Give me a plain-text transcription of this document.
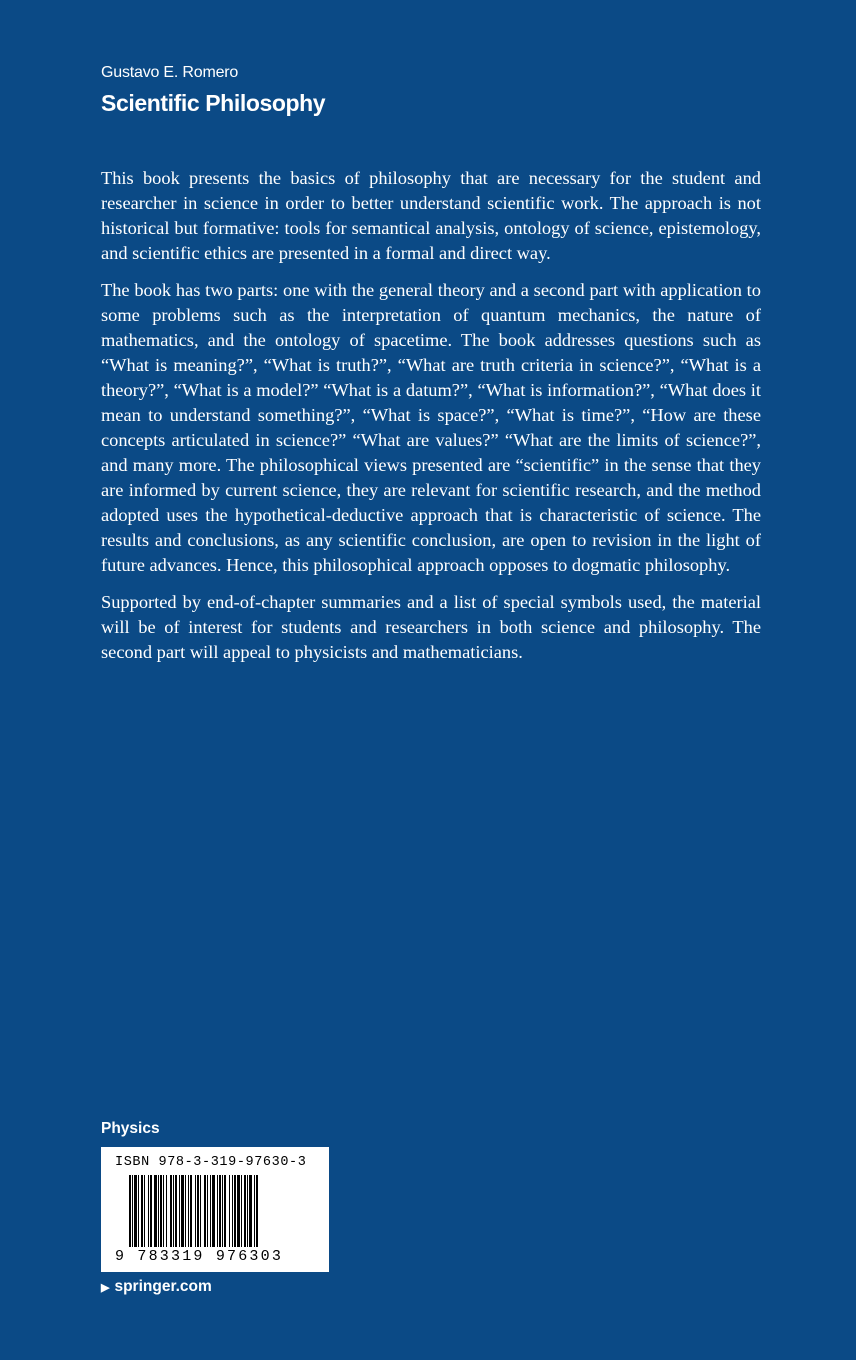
Gustavo E. Romero
Scientific Philosophy

This book presents the basics of philosophy that are necessary for the student and researcher in science in order to better understand scientific work. The approach is not historical but formative: tools for semantical analysis, ontology of science, epistemology, and scientific ethics are presented in a formal and direct way.

The book has two parts: one with the general theory and a second part with application to some problems such as the interpretation of quantum mechanics, the nature of mathematics, and the ontology of spacetime. The book addresses questions such as “What is meaning?”, “What is truth?”, “What are truth criteria in science?”, “What is a theory?”, “What is a model?” “What is a datum?”, “What is information?”, “What does it mean to understand something?”, “What is space?”, “What is time?”, “How are these concepts articulated in science?” “What are values?” “What are the limits of science?”, and many more. The philosophical views presented are “scientific” in the sense that they are informed by current science, they are relevant for scientific research, and the method adopted uses the hypothetical-deductive approach that is characteristic of science. The results and conclusions, as any scientific conclusion, are open to revision in the light of future advances. Hence, this philosophical approach opposes to dogmatic philosophy.

Supported by end-of-chapter summaries and a list of special symbols used, the material will be of interest for students and researchers in both science and philosophy. The second part will appeal to physicists and mathematicians.

Physics
ISBN 978-3-319-97630-3
9 783319 976303
▶ springer.com
